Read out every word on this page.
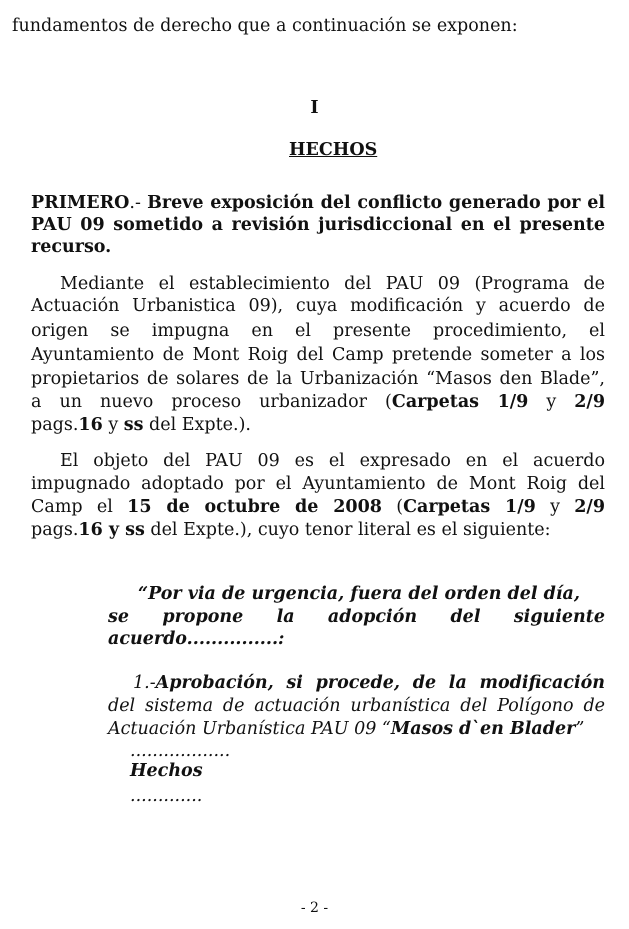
fundamentos de derecho que a continuación se exponen:
I
HECHOS
PRIMERO.- Breve exposición del conflicto generado por el
PAU 09 sometido a revisión jurisdiccional en el presente
recurso.
Mediante el establecimiento del PAU 09 (Programa de
Actuación Urbanistica 09), cuya modificación y acuerdo de
origen se impugna en el presente procedimiento, el
Ayuntamiento de Mont Roig del Camp pretende someter a los
propietarios de solares de la Urbanización “Masos den Blade”,
a un nuevo proceso urbanizador (Carpetas 1/9 y 2/9
pags.16 y ss del Expte.).
El objeto del PAU 09 es el expresado en el acuerdo
impugnado adoptado por el Ayuntamiento de Mont Roig del
Camp el 15 de octubre de 2008 (Carpetas 1/9 y 2/9
pags.16 y ss del Expte.), cuyo tenor literal es el siguiente:
“Por via de urgencia, fuera del orden del día,
se propone la adopción del siguiente
acuerdo...............:
1.-Aprobación, si procede, de la modificación
del sistema de actuación urbanística del Polígono de
Actuación Urbanística PAU 09 “Masos d`en Blader”
..................
Hechos
.............
- 2 -
